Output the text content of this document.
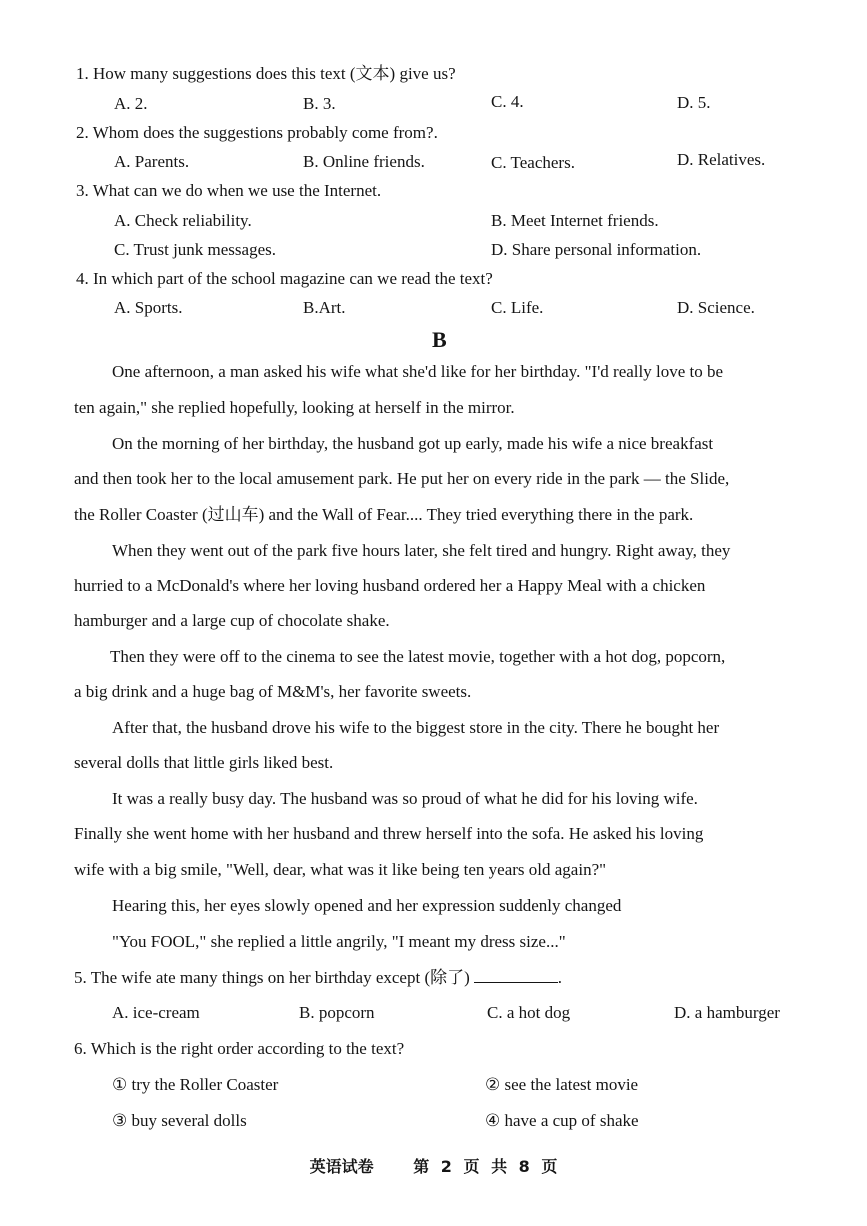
1. How many suggestions does this text (文本) give us?
A. 2.	B. 3.	C. 4.	D. 5.
2. Whom does the suggestions probably come from?.
A. Parents.	B. Online friends.	C. Teachers.	D. Relatives.
3. What can we do when we use the Internet.
A. Check reliability.	B. Meet Internet friends.
C. Trust junk messages.	D. Share personal information.
4. In which part of the school magazine can we read the text?
A. Sports.	B.Art.	C. Life.	D. Science.
B
One afternoon, a man asked his wife what she'd like for her birthday. "I'd really love to be
ten again," she replied hopefully, looking at herself in the mirror.
On the morning of her birthday, the husband got up early, made his wife a nice breakfast
and then took her to the local amusement park. He put her on every ride in the park — the Slide,
the Roller Coaster (过山车) and the Wall of Fear.... They tried everything there in the park.
When they went out of the park five hours later, she felt tired and hungry. Right away, they
hurried to a McDonald's where her loving husband ordered her a Happy Meal with a chicken
hamburger and a large cup of chocolate shake.
Then they were off to the cinema to see the latest movie, together with a hot dog, popcorn,
a big drink and a huge bag of M&M's, her favorite sweets.
After that, the husband drove his wife to the biggest store in the city. There he bought her
several dolls that little girls liked best.
It was a really busy day. The husband was so proud of what he did for his loving wife.
Finally she went home with her husband and threw herself into the sofa. He asked his loving
wife with a big smile, "Well, dear, what was it like being ten years old again?"
Hearing this, her eyes slowly opened and her expression suddenly changed
"You FOOL," she replied a little angrily, "I meant my dress size..."
5. The wife ate many things on her birthday except (除了)	.
A. ice-cream	B. popcorn	C. a hot dog	D. a hamburger
6. Which is the right order according to the text?
① try the Roller Coaster	② see the latest movie
③ buy several dolls	④ have a cup of shake
英语试卷 第 2 页 共 8 页
